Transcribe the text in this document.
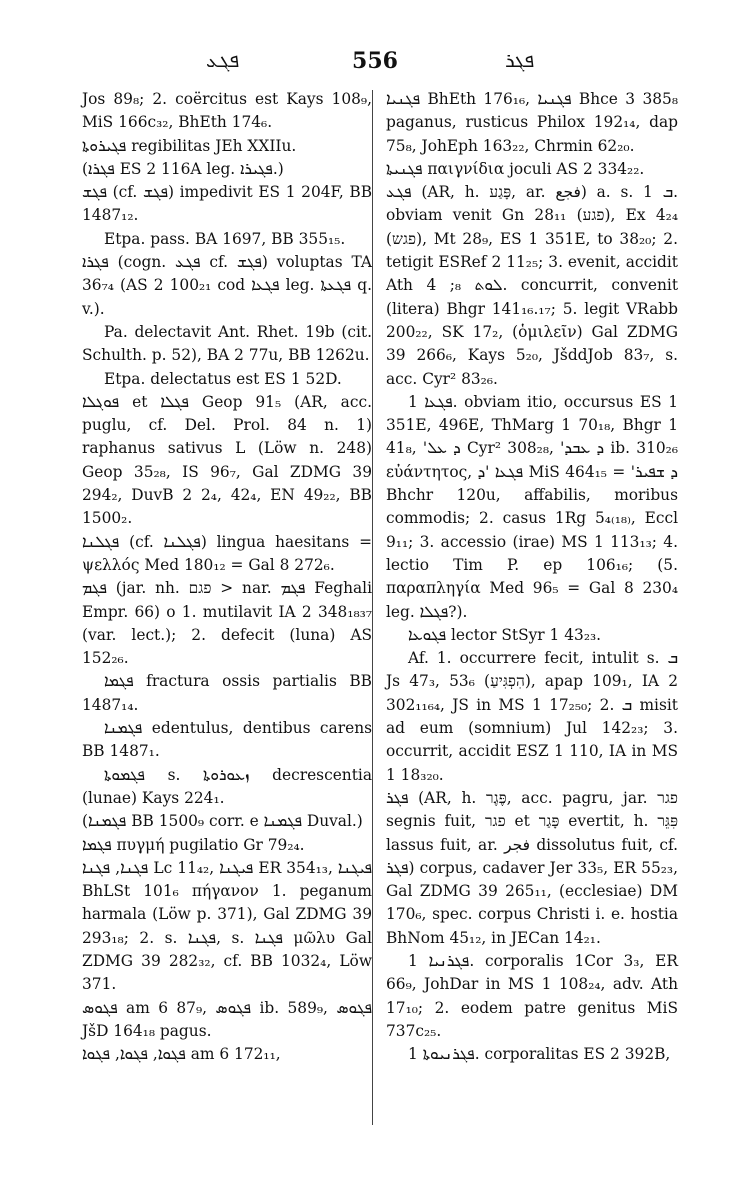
ܦܓܥ	556	ܦܓܪ

Jos 89₈; 2. coërcitus est Kays 108₉, MiS 166c₃₂, BhEth 174₆.

ܦܓܝܪܘܬܐ regibilitas JEh XXIIu.

(ܦܓܪܐ ES 2 116A leg. ܦܓܝܪܐ.)

ܦܓܫ (cf. ܦܓܫ) impedivit ES 1 204F, BB 1487₁₂.

Etpa. pass. BA 1697, BB 355₁₅.

ܦܓܪܐ (cogn. ܦܓܥ cf. ܦܓܫ) voluptas TA 36₇₄ (AS 2 100₂₁ cod ܦܓܥܐ leg. ܦܓܥܬܐ q. v.).

Pa. delectavit Ant. Rhet. 19b (cit. Schulth. p. 52), BA 2 77u, BB 1262u.

Etpa. delectatus est ES 1 52D.

ܦܘܓܠܐ et ܦܓܠܐ Geop 91₅ (AR, acc. puglu, cf. Del. Prol. 84 n. 1) raphanus sativus L (Löw n. 248) Geop 35₂₈, IS 96₇, Gal ZDMG 39 294₂, DuvB 2 2₄, 42₄, EN 49₂₂, BB 1500₂.

ܦܓܠܢܐ (cf. ܦܓܠܢܐ) lingua haesitans = ψελλός Med 180₁₂ = Gal 8 272₆.

ܦܓܡ (jar. nh. פגם > nar. ܦܓܡ Feghali Empr. 66) o 1. mutilavit IA 2 348₁₈₃₇ (var. lect.); 2. defecit (luna) AS 152₂₆.

ܦܓܡܐ fractura ossis partialis BB 1487₁₄.

ܦܓܡܢܐ edentulus, dentibus carens BB 1487₁.

ܦܓܡܘܬܐ s. ܙܥܘܪܘܬܐ decrescentia (lunae) Kays 224₁.

(ܦܓܡܢܐ BB 1500₉ corr. e ܦܓܡܢܐ Duval.)

ܦܓܡܐ πυγμή pugilatio Gr 79₂₄.

ܦܓܢܐ, ܦܓܢܐ Lc 11₄₂, ܦܝܓܢܐ ER 354₁₃, ܦܝܓܢܐ BhLSt 101₆ πήγανον 1. peganum harmala (Löw p. 371), Gal ZDMG 39 293₁₈; 2. s. ܦܓܢܐ, s. ܦܓܢܐ μῶλυ Gal ZDMG 39 282₃₂, cf. BB 1032₄, Löw 371.

ܦܓܘܣ am 6 87₉, ܦܓܘܣ ib. 589₉, ܦܓܘܣ JšD 164₁₈ pagus.

ܦܓܘܐ, ܦܓܘܐ, ܦܓܘܐ am 6 172₁₁,

ܦܓܢܝܐ BhEth 176₁₆, ܦܓܢܝܐ Bhce 3 385₈ paganus, rusticus Philox 192₁₄, dap 75₈, JohEph 163₂₂, Chrmin 62₂₀.

ܦܓܢܝܬܐ παιγνίδια joculi AS 2 334₂₂.

ܦܓܥ (AR, h. פָּגַע, ar. فجع) a. s. ܒ 1. obviam venit Gn 28₁₁ (פגע), Ex 4₂₄ (פגש), Mt 28₉, ES 1 351E, to 38₂₀; 2. tetigit ESRef 2 11₂₅; 3. evenit, accidit Ath ܠܘܬ ₈; 4. concurrit, convenit (litera) Bhgr 141₁₆.₁₇; 5. legit VRabb 200₂₂, SK 17₂, (ὁμιλεῖν) Gal ZDMG 39 266₆, Kays 5₂₀, JšddJob 83₇, s. acc. Cyr² 83₂₆.

ܦܓܥܐ 1. obviam itio, occursus ES 1 351E, 496E, ThMarg 1 70₁₈, Bhgr 1 41₈, 'ܕ ܥܠ Cyr² 308₂₈, 'ܕ ܥܒܕ ib. 310₂₆ εὐάντητος, ܦܓܥܐ 'ܕ MiS 464₁₅ = 'ܕ ܫܦܝܪ Bhchr 120u, affabilis, moribus commodis; 2. casus 1Rg 5₄₍₁₈₎, Eccl 9₁₁; 3. accessio (irae) MS 1 113₁₃; 4. lectio Tim P. ep 106₁₆; (5. παραπληγία Med 96₅ = Gal 8 230₄ leg. ܦܓܠܐ?).

ܦܓܘܥܐ lector StSyr 1 43₂₃.

Af. 1. occurrere fecit, intulit s. ܒ Js 47₃, 53₆ (הִפְגִּיעַ), apap 109₁, IA 2 302₁₁₆₄, JS in MS 1 17₂₅₀; 2. ܒ misit ad eum (somnium) Jul 142₂₃; 3. occurrit, accidit ESZ 1 110, IA in MS 1 18₃₂₀.

ܦܓܪ (AR, h. פֶּגֶר, acc. pagru, jar. פגר segnis fuit, פגר et פָּגַר evertit, h. פִּגֵּר lassus fuit, ar. فجر dissolutus fuit, cf. ܦܓܪ) corpus, cadaver Jer 33₅, ER 55₂₃, Gal ZDMG 39 265₁₁, (ecclesiae) DM 170₆, spec. corpus Christi i. e. hostia BhNom 45₁₂, in JECan 14₂₁.

ܦܓܪܢܝܐ 1. corporalis 1Cor 3₃, ER 66₉, JohDar in MS 1 108₂₄, adv. Ath 17₁₀; 2. eodem patre genitus MiS 737c₂₅.

ܦܓܪܢܝܘܬܐ 1. corporalitas ES 2 392B,
